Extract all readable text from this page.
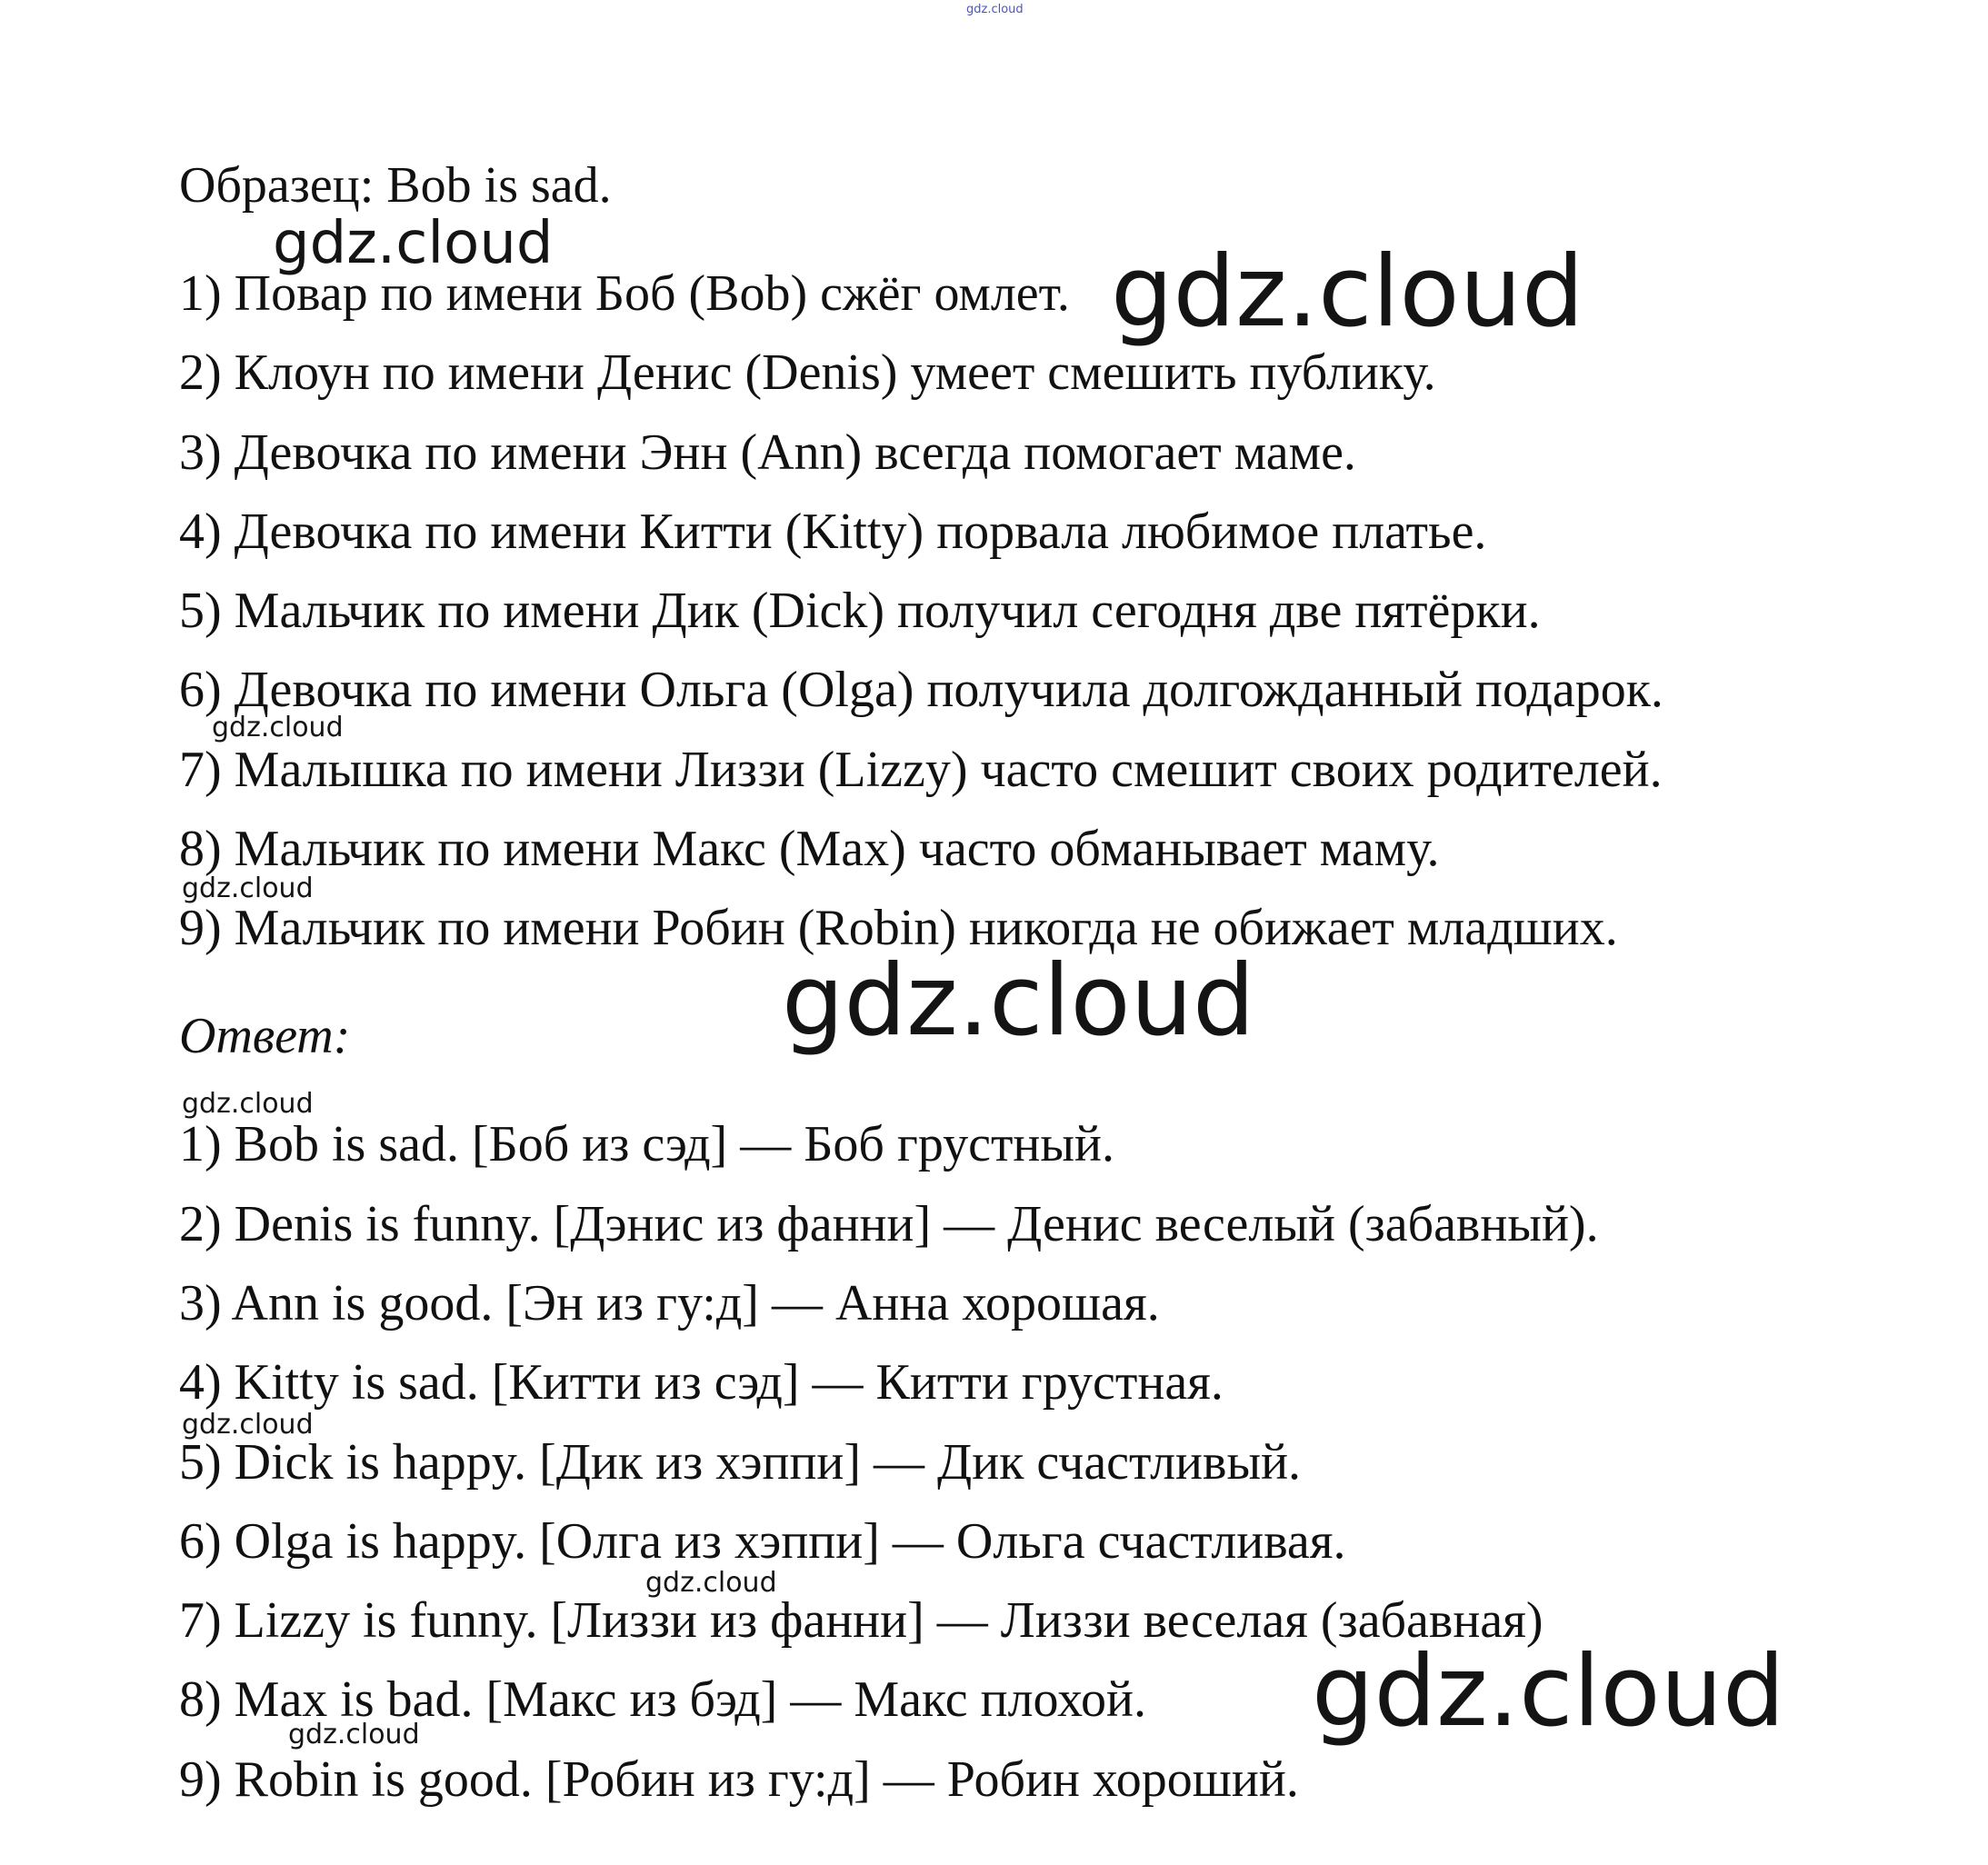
gdz.cloud
gdz.cloud	gdz.cloud
gdz.cloud
gdz.cloud
gdz.cloud
gdz.cloud
gdz.cloud
gdz.cloud
gdz.cloud
gdz.cloud
Образец: Bob is sad.
1) Повар по имени Боб (Bob) сжёг омлет.
2) Клоун по имени Денис (Denis) умеет смешить публику.
3) Девочка по имени Энн (Ann) всегда помогает маме.
4) Девочка по имени Китти (Kitty) порвала любимое платье.
5) Мальчик по имени Дик (Dick) получил сегодня две пятёрки.
6) Девочка по имени Ольга (Olga) получила долгожданный подарок.
7) Малышка по имени Лиззи (Lizzy) часто смешит своих родителей.
8) Мальчик по имени Макс (Max) часто обманывает маму.
9) Мальчик по имени Робин (Robin) никогда не обижает младших.
Ответ:
1) Bob is sad. [Боб из сэд] — Боб грустный.
2) Denis is funny. [Дэнис из фанни] — Денис веселый (забавный).
3) Ann is good. [Эн из гу:д] — Анна хорошая.
4) Kitty is sad. [Китти из сэд] — Китти грустная.
5) Dick is happy. [Дик из хэппи] — Дик счастливый.
6) Olga is happy. [Олга из хэппи] — Ольга счастливая.
7) Lizzy is funny. [Лиззи из фанни] — Лиззи веселая (забавная)
8) Max is bad. [Макс из бэд] — Макс плохой.
9) Robin is good. [Робин из гу:д] — Робин хороший.
